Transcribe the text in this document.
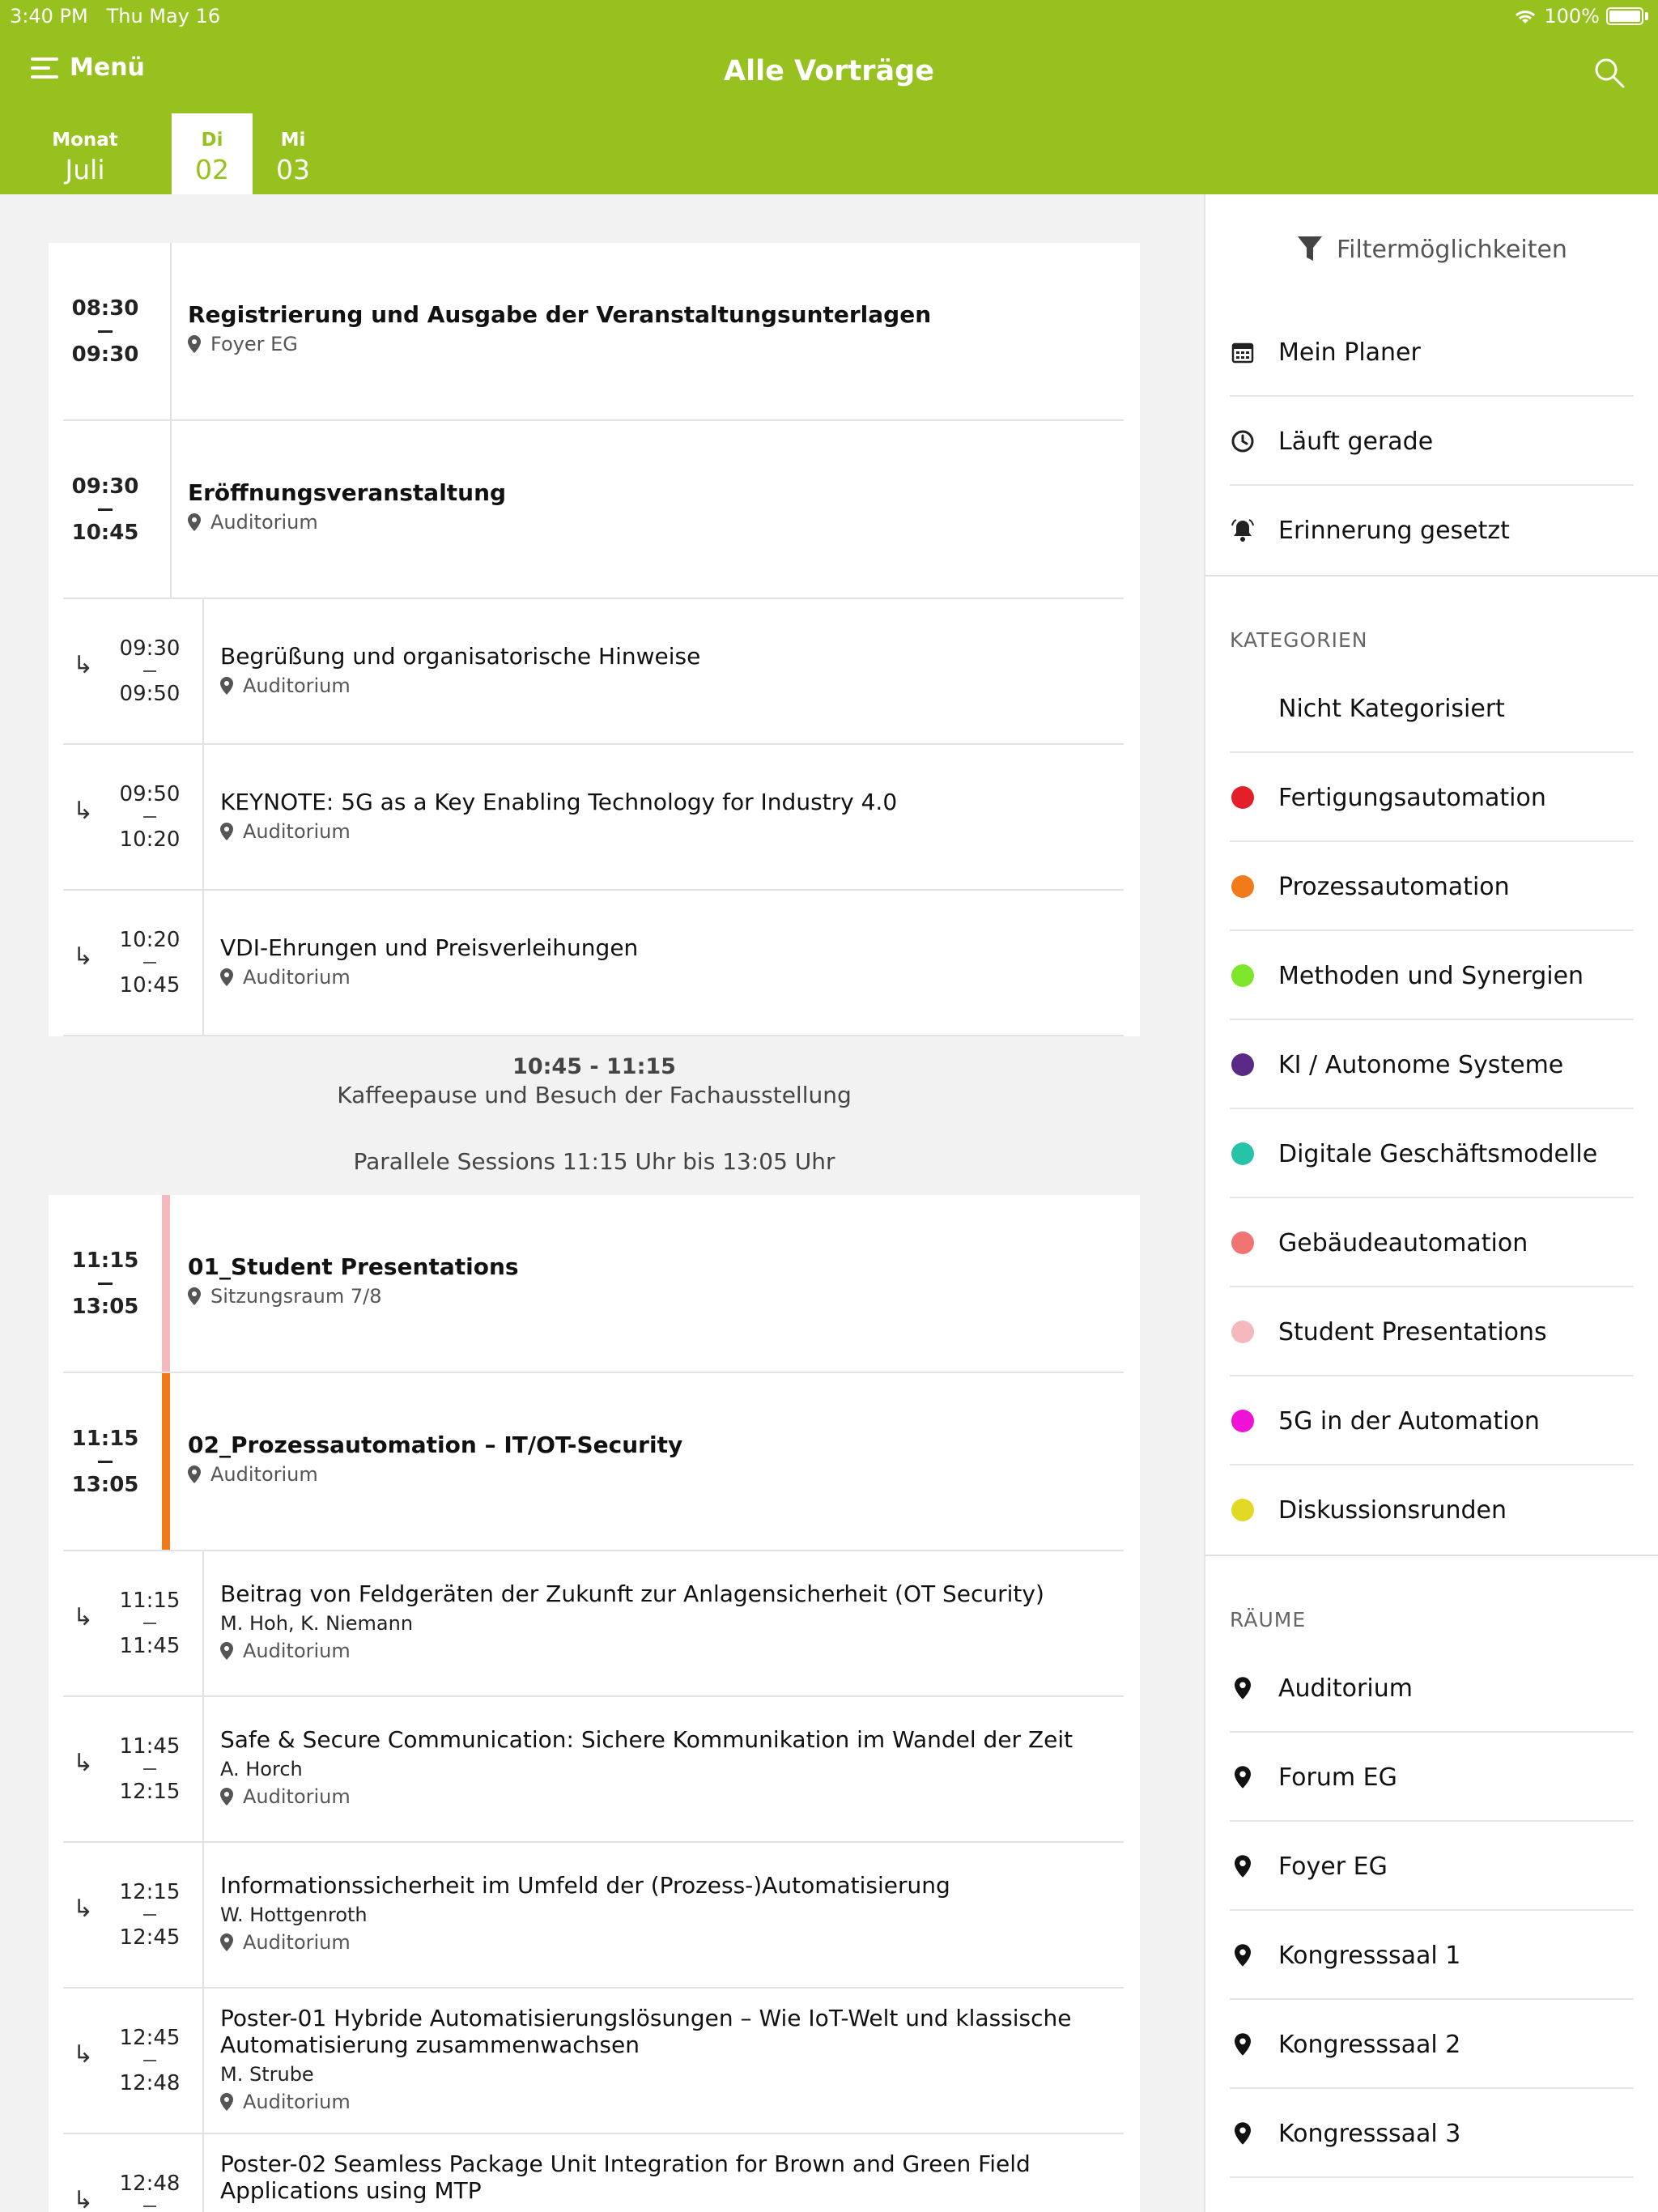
3:40 PM Thu May 16	100%
Menü	Alle Vorträge
Monat
Juli
Di
02
Mi
03
08:30
09:30
Registrierung und Ausgabe der Veranstaltungsunterlagen
Foyer EG
09:30
10:45
Eröffnungsveranstaltung
Auditorium
↳
09:30
09:50
Begrüßung und organisatorische Hinweise
Auditorium
↳
09:50
10:20
KEYNOTE: 5G as a Key Enabling Technology for Industry 4.0
Auditorium
↳
10:20
10:45
VDI-Ehrungen und Preisverleihungen
Auditorium
10:45 - 11:15
Kaffeepause und Besuch der Fachausstellung
Parallele Sessions 11:15 Uhr bis 13:05 Uhr
11:15
13:05
01_Student Presentations
Sitzungsraum 7/8
11:15
13:05
02_Prozessautomation – IT/OT-Security
Auditorium
↳
11:15
11:45
Beitrag von Feldgeräten der Zukunft zur Anlagensicherheit (OT Security)
M. Hoh, K. Niemann
Auditorium
↳
11:45
12:15
Safe & Secure Communication: Sichere Kommunikation im Wandel der Zeit
A. Horch
Auditorium
↳
12:15
12:45
Informationssicherheit im Umfeld der (Prozess-)Automatisierung
W. Hottgenroth
Auditorium
↳
12:45
12:48
Poster-01 Hybride Automatisierungslösungen – Wie IoT-Welt und klassische Automatisierung zusammenwachsen
M. Strube
Auditorium
↳
12:48
Poster-02 Seamless Package Unit Integration for Brown and Green Field Applications using MTP
Filtermöglichkeiten
Mein Planer
Läuft gerade
Erinnerung gesetzt
KATEGORIEN
Nicht Kategorisiert
Fertigungsautomation
Prozessautomation
Methoden und Synergien
KI / Autonome Systeme
Digitale Geschäftsmodelle
Gebäudeautomation
Student Presentations
5G in der Automation
Diskussionsrunden
RÄUME
Auditorium
Forum EG
Foyer EG
Kongresssaal 1
Kongresssaal 2
Kongresssaal 3
